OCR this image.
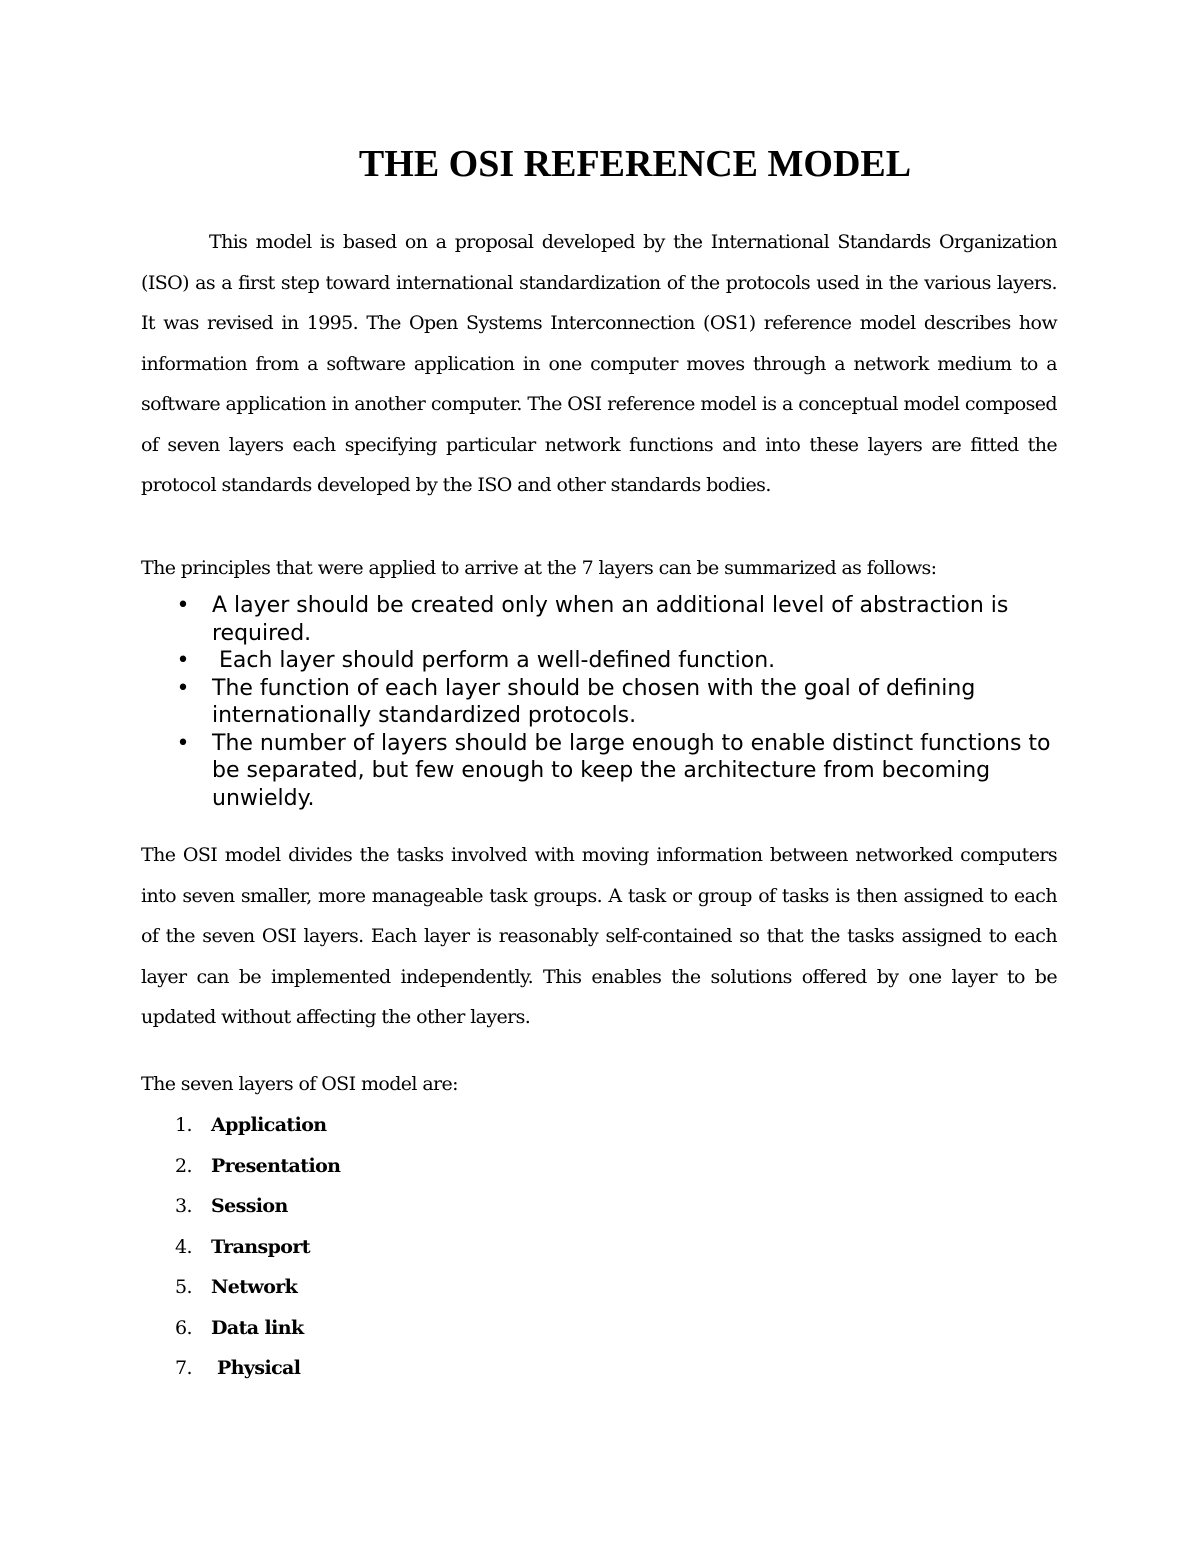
THE OSI REFERENCE MODEL

This model is based on a proposal developed by the International Standards Organization (ISO) as a first step toward international standardization of the protocols used in the various layers. It was revised in 1995. The Open Systems Interconnection (OS1) reference model describes how information from a software application in one computer moves through a network medium to a software application in another computer. The OSI reference model is a conceptual model composed of seven layers each specifying particular network functions and into these layers are fitted the protocol standards developed by the ISO and other standards bodies.

The principles that were applied to arrive at the 7 layers can be summarized as follows:

• A layer should be created only when an additional level of abstraction is required.
• Each layer should perform a well-defined function.
• The function of each layer should be chosen with the goal of defining internationally standardized protocols.
• The number of layers should be large enough to enable distinct functions to be separated, but few enough to keep the architecture from becoming unwieldy.

The OSI model divides the tasks involved with moving information between networked computers into seven smaller, more manageable task groups. A task or group of tasks is then assigned to each of the seven OSI layers. Each layer is reasonably self-contained so that the tasks assigned to each layer can be implemented independently. This enables the solutions offered by one layer to be updated without affecting the other layers.

The seven layers of OSI model are:

1. Application
2. Presentation
3. Session
4. Transport
5. Network
6. Data link
7. Physical
